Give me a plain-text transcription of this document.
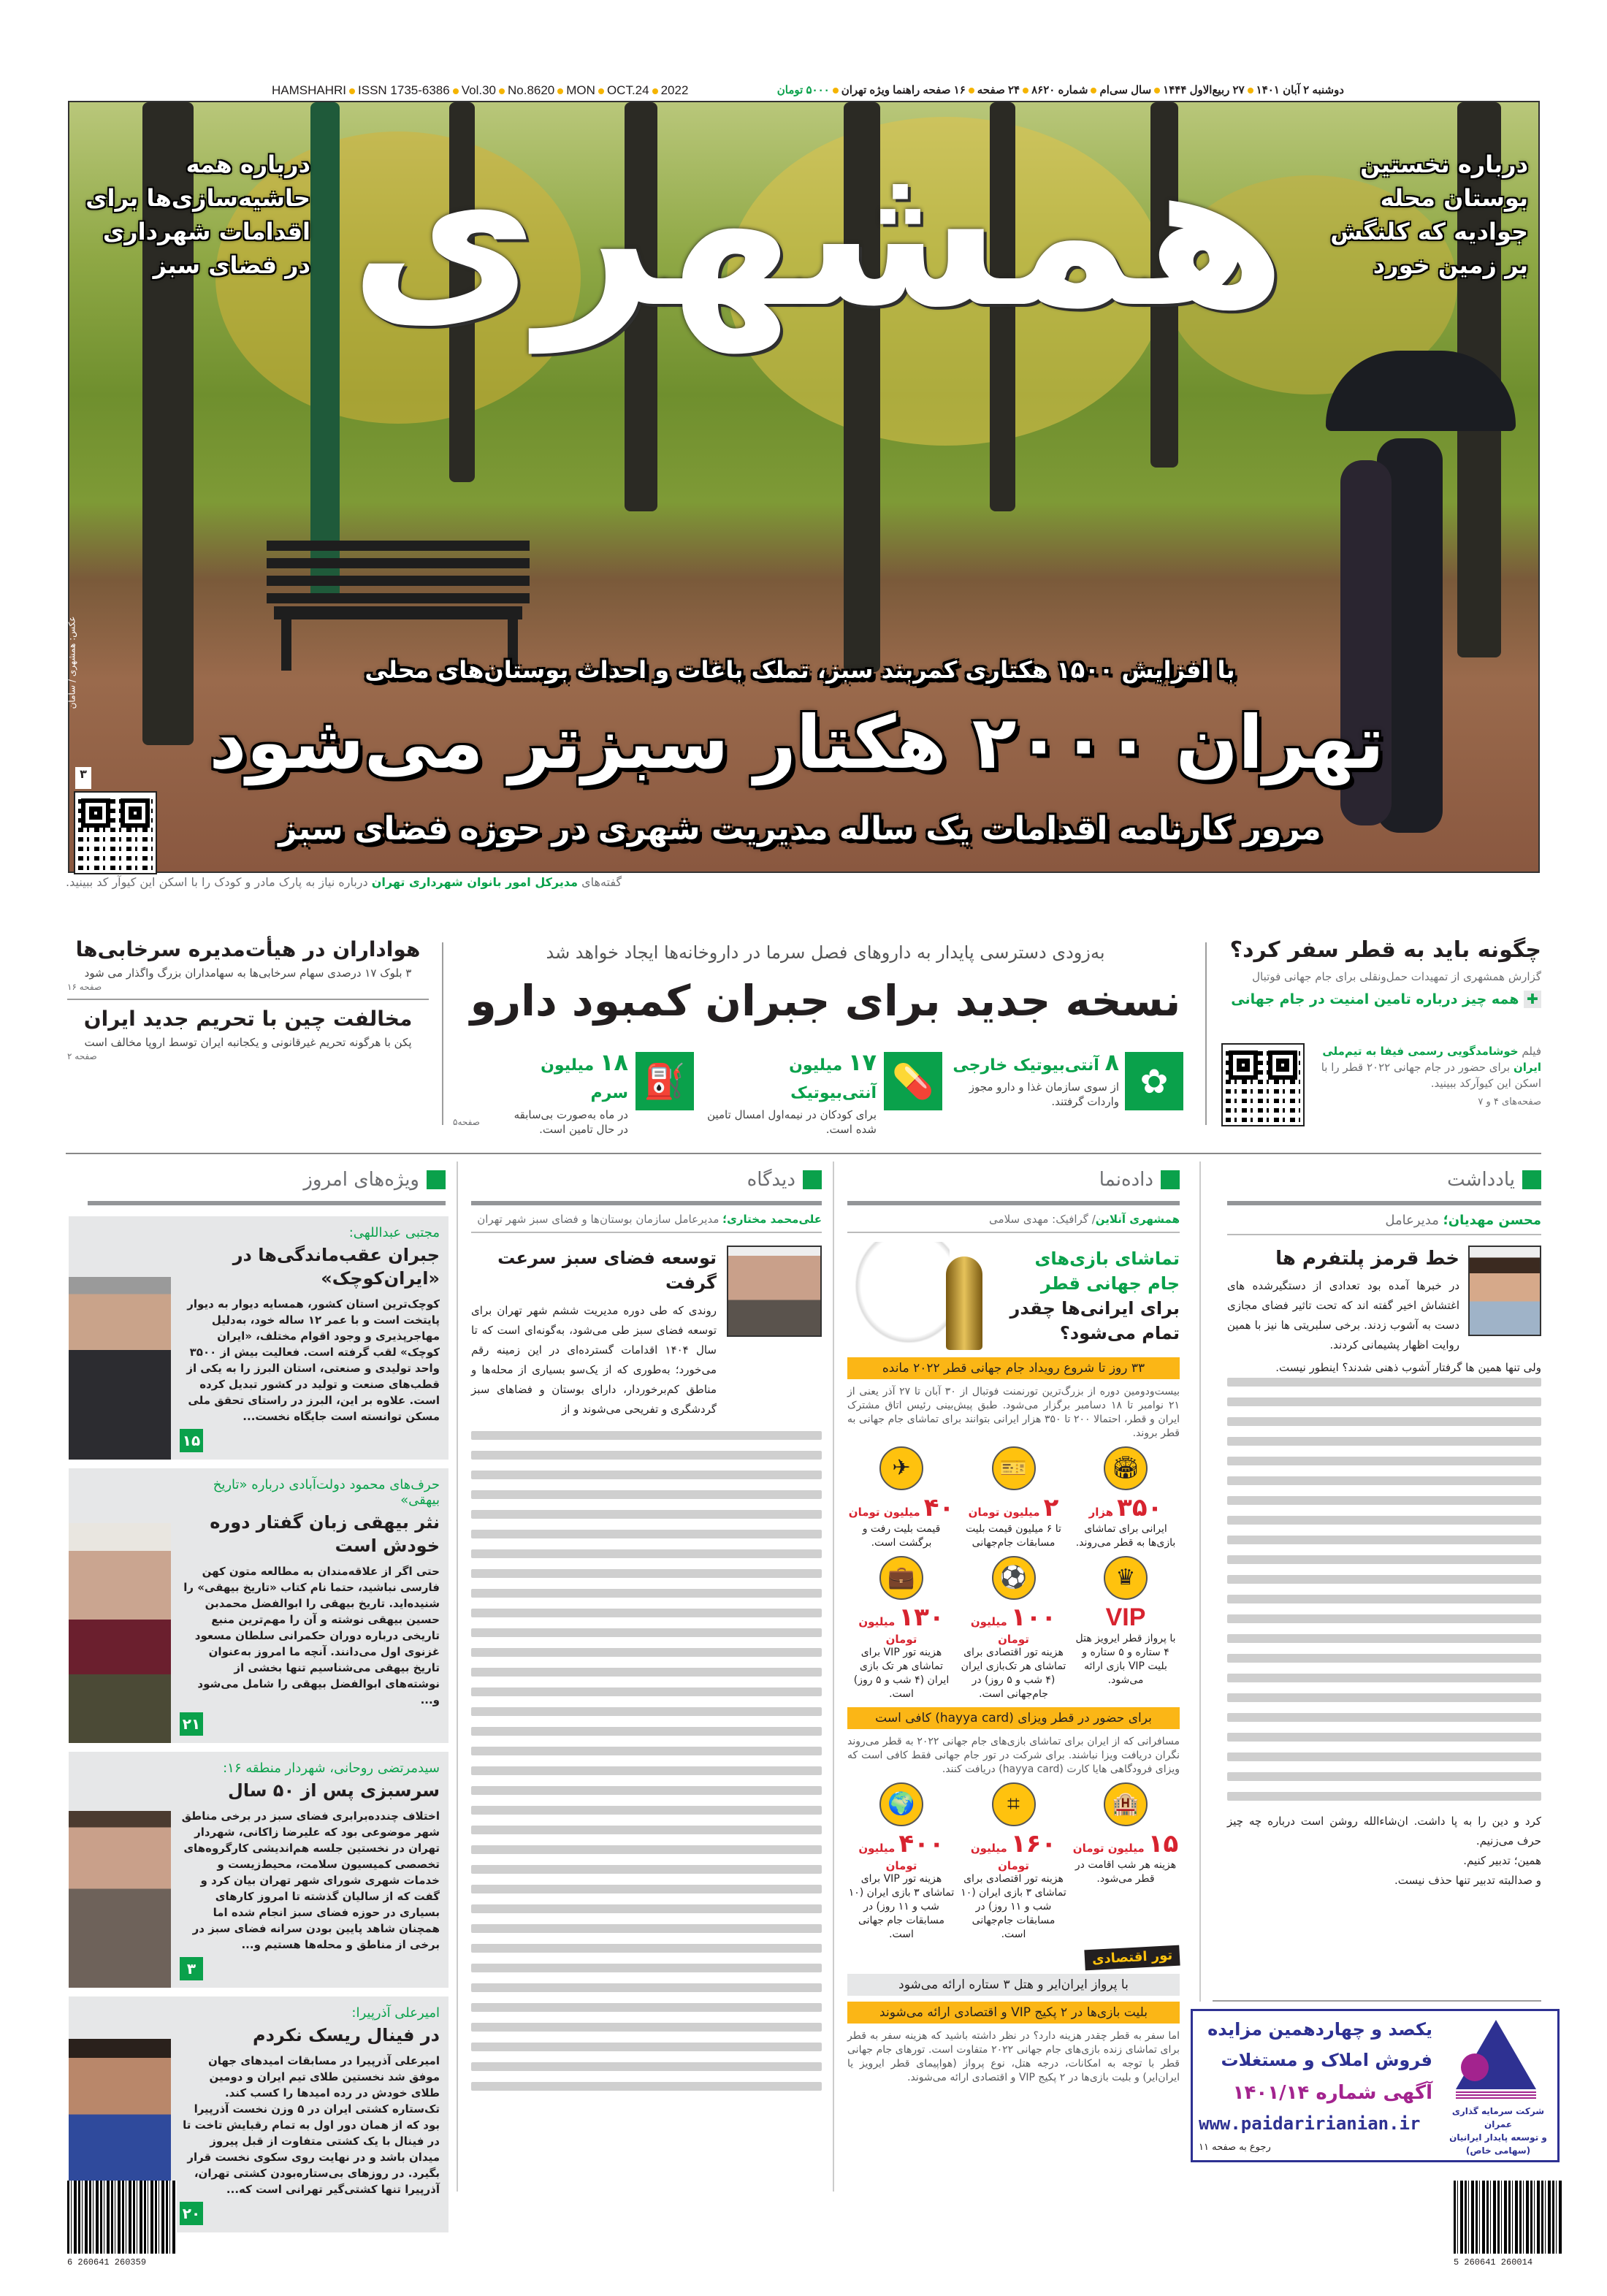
HAMSHAHRI ISSN 1735-6386 Vol.30 No.8620 MON OCT.24 2022	دوشنبه ۲ آبان ۱۴۰۱۲۷ ربیع‌الاول ۱۴۴۴سال سی‌امشماره ۸۶۲۰۲۴ صفحه۱۶ صفحه راهنما ویژه تهران۵۰۰۰ تومان
همشهری	درباره نخستین
بوستان محله
جوادیه که کلنگش
بر زمین خورد
درباره همه
حاشیه‌سازی‌ها برای
اقدامات شهرداری
در فضای سبز
با افزایش ۱۵۰۰ هکتاری کمربند سبز، تملک باغات و احداث بوستان‌های محلی
تهران ۲۰۰۰ هکتار سبزتر می‌شود
مرور کارنامه اقدامات یک ساله مدیریت شهری در حوزه فضای سبز
۳
عکس: همشهری / سامان
گفته‌های مدیرکل امور بانوان شهرداری تهران درباره نیاز به پارک مادر و کودک را با اسکن این کیوآر کد ببینید.
چگونه باید به قطر سفر کرد؟
گزارش همشهری از تمهیدات حمل‌ونقلی برای جام جهانی فوتبال
✚ همه چیز درباره تامین امنیت در جام جهانی
فیلم خوشامدگویی رسمی فیفا به تیم‌ملی ایران برای حضور در جام جهانی ۲۰۲۲ قطر را با اسکن این کیوآرکد ببینید.
صفحه‌های ۴ و ۷
به‌زودی دسترسی پایدار به داروهای فصل سرما در داروخانه‌ها ایجاد خواهد شد
نسخه جدید برای جبران کمبود دارو
✿
۸ آنتی‌بیوتیک خارجی
از سوی سازمان غذا و دارو مجوز واردات گرفتند.
💊
۱۷ میلیون آنتی‌بیوتیک
برای کودکان در نیمه‌اول امسال تامین شده است.
⛽
۱۸ میلیون سرم
در ماه به‌صورت بی‌سابقه در حال تامین است.
صفحه۵
هواداران در هیأت‌مدیره سرخابی‌ها
۳ بلوک ۱۷ درصدی سهام سرخابی‌ها به سهامداران بزرگ واگذار می شود
صفحه ۱۶
مخالفت چین با تحریم جدید ایران
پکن با هرگونه تحریم غیرقانونی و یکجانبه ایران توسط اروپا مخالف است
صفحه ۲
یادداشت
محسن مهدیان؛ مدیرعامل
خط قرمز پلتفرم ها
در خبرها آمده بود تعدادی از دستگیرشده های اغتشاش اخیر گفته اند که تحت تاثیر فضای مجازی دست به آشوب زدند. برخی سلبریتی ها نیز با همین روایت اظهار پشیمانی کردند.
ولی تنها همین ها گرفتار آشوب ذهنی شدند؟ اینطور نیست.
کرد و دین را به پا داشت. ان‌شاءالله روشن است درباره چه چیز حرف می‌زنیم.
همین؛ تدبیر کنیم.
و صدالبته تدبیر تنها حذف نیست.
یکصد و چهاردهمین مزایده
فروش املاک و مستغلات
آگهی شماره ۱۴۰۱/۱۴
www.paidaririanian.ir
رجوع به صفحه ۱۱
شرکت سرمایه گذاری عمران
و توسعه پایدار ایرانیان
(سهامی خاص)
داده‌نما
همشهری آنلاین/ گرافیک: مهدی سلامی
تماشای بازی‌های
جام جهانی قطر
برای ایرانی‌ها چقدر
تمام می‌شود؟
۳۳ روز تا شروع رویداد جام جهانی قطر ۲۰۲۲ مانده
بیست‌ودومین دوره از بزرگ‌ترین تورنمنت فوتبال از ۳۰ آبان تا ۲۷ آذر یعنی از ۲۱ نوامبر تا ۱۸ دسامبر برگزار می‌شود. طبق پیش‌بینی رئیس اتاق مشترک ایران و قطر، احتمالا ۲۰۰ تا ۳۵۰ هزار ایرانی بتوانند برای تماشای جام جهانی به قطر بروند.
🏟
۳۵۰ هزار
ایرانی برای تماشای بازی‌ها به قطر می‌روند.
🎫
۲ میلیون تومان
تا ۶ میلیون قیمت بلیت مسابقات جام‌جهانی
✈
۴۰ میلیون تومان
قیمت بلیت رفت و برگشت است.
♛
VIP
با پرواز قطر ایرویز هتل ۴ ستاره و ۵ ستاره و بلیت VIP بازی ارائه می‌شود.
⚽
۱۰۰ میلیون تومان
هزینه تور اقتصادی برای تماشای هر تک‌بازی ایران (۴ شب و ۵ روز) در جام‌جهانی است.
💼
۱۳۰ میلیون تومان
هزینه تور VIP برای تماشای هر تک بازی ایران (۴ شب و ۵ روز) است.
برای حضور در قطر ویزای (hayya card) کافی است
مسافرانی که از ایران برای تماشای بازی‌های جام جهانی ۲۰۲۲ به قطر می‌روند نگران دریافت ویزا نباشند. برای شرکت در تور جام جهانی فقط کافی است که ویزای فرودگاهی هایا کارت (hayya card) دریافت کنند.
🏨
۱۵ میلیون تومان
هزینه هر شب اقامت در قطر می‌شود.
⌗
۱۶۰ میلیون تومان
هزینه تور اقتصادی برای تماشای ۳ بازی ایران (۱۰ شب و ۱۱ روز) در مسابقات جام‌جهانی است.
🌍
۴۰۰ میلیون تومان
هزینه تور VIP برای تماشای ۳ بازی ایران (۱۰ شب و ۱۱ روز) در مسابقات جام جهانی است.
تور اقتصادی
با پرواز ایران‌ایر و هتل ۳ ستاره ارائه می‌شود
بلیت بازی‌ها در ۲ پکیج VIP و اقتصادی ارائه می‌شوند
اما سفر به قطر چقدر هزینه دارد؟ در نظر داشته باشید که هزینه سفر به قطر برای تماشای زنده بازی‌های جام جهانی ۲۰۲۲ متفاوت است. تورهای جام جهانی قطر با توجه به امکانات، درجه هتل، نوع پرواز (هواپیمای قطر ایرویز یا ایران‌ایر) و بلیت بازی‌ها در ۲ پکیج VIP و اقتصادی ارائه می‌شوند.
دیدگاه
علی‌محمد مختاری؛ مدیرعامل سازمان بوستان‌ها و فضای سبز شهر تهران
توسعه فضای سبز سرعت گرفت
روندی که طی دوره مدیریت ششم شهر تهران برای توسعه فضای سبز طی می‌شود، به‌گونه‌ای است که تا سال ۱۴۰۴ اقدامات گسترده‌ای در این زمینه رقم می‌خورد؛ به‌طوری که از یک‌سو بسیاری از محله‌ها و مناطق کم‌برخوردار، دارای بوستان و فضاهای سبز گردشگری و تفریحی می‌شوند و از
ویژه‌های امروز
مجتبی عبداللهی:
جبران عقب‌ماندگی‌ها در «ایران‌کوچک»
کوچک‌ترین استان کشور، همسایه دیوار به دیوار پایتخت است و با عمر ۱۲ ساله خود، به‌دلیل مهاجرپذیری و وجود اقوام مختلف، «ایران کوچک» لقب گرفته است. فعالیت بیش از ۳۵۰۰ واحد تولیدی و صنعتی، استان البرز را به یکی از قطب‌های صنعت و تولید در کشور تبدیل کرده است. علاوه بر این، البرز در راستای تحقق ملی مسکن توانسته است جایگاه نخست...
۱۵
حرف‌های محمود دولت‌آبادی درباره «تاریخ بیهقی»
نثر بیهقی زبان گفتار دوره خودش است
حتی اگر از علاقه‌مندان به مطالعه متون کهن فارسی نباشید، حتما نام کتاب «تاریخ بیهقی» را شنیده‌اید. تاریخ بیهقی را ابوالفضل محمدبن حسین بیهقی نوشته و آن را مهم‌ترین منبع تاریخی درباره دوران حکمرانی سلطان مسعود غزنوی اول می‌دانند. آنچه ما امروز به‌عنوان تاریخ بیهقی می‌شناسیم تنها بخشی از نوشته‌های ابوالفضل بیهقی را شامل می‌شود و...
۲۱
سیدمرتضی روحانی، شهردار منطقه ۱۶:
سرسبزی پس از ۵۰ سال
اختلاف چندده‌برابری فضای سبز در برخی مناطق شهر موضوعی بود که علیرضا زاکانی، شهردار تهران در نخستین جلسه هم‌اندیشی کارگروه‌های تخصصی کمیسیون سلامت، محیط‌زیست و خدمات شهری شورای شهر تهران بیان کرد و گفت که از سالیان گذشته تا امروز کارهای بسیاری در حوزه فضای سبز انجام شده اما همچنان شاهد پایین بودن سرانه فضای سبز در برخی از مناطق و محله‌ها هستیم و...
۳
امیرعلی آذرپیرا:
در فینال ریسک نکردم
امیرعلی آذرپیرا در مسابقات امیدهای جهان موفق شد نخستین طلای تیم ایران و دومین طلای خودش در رده امیدها را کسب کند. تک‌ستاره کشتی ایران در ۵ وزن نخست آذرپیرا بود که از همان دور اول به تمام رقبایش تاخت تا در فینال با یک کشتی متفاوت از قبل پیروز میدان باشد و در نهایت روی سکوی نخست قرار بگیرد. در روزهای بی‌ستاره‌بودن کشتی تهران، آذرپیرا تنها کشتی‌گیر تهرانی است که...
۲۰
6 260641 260359	5 260641 260014
